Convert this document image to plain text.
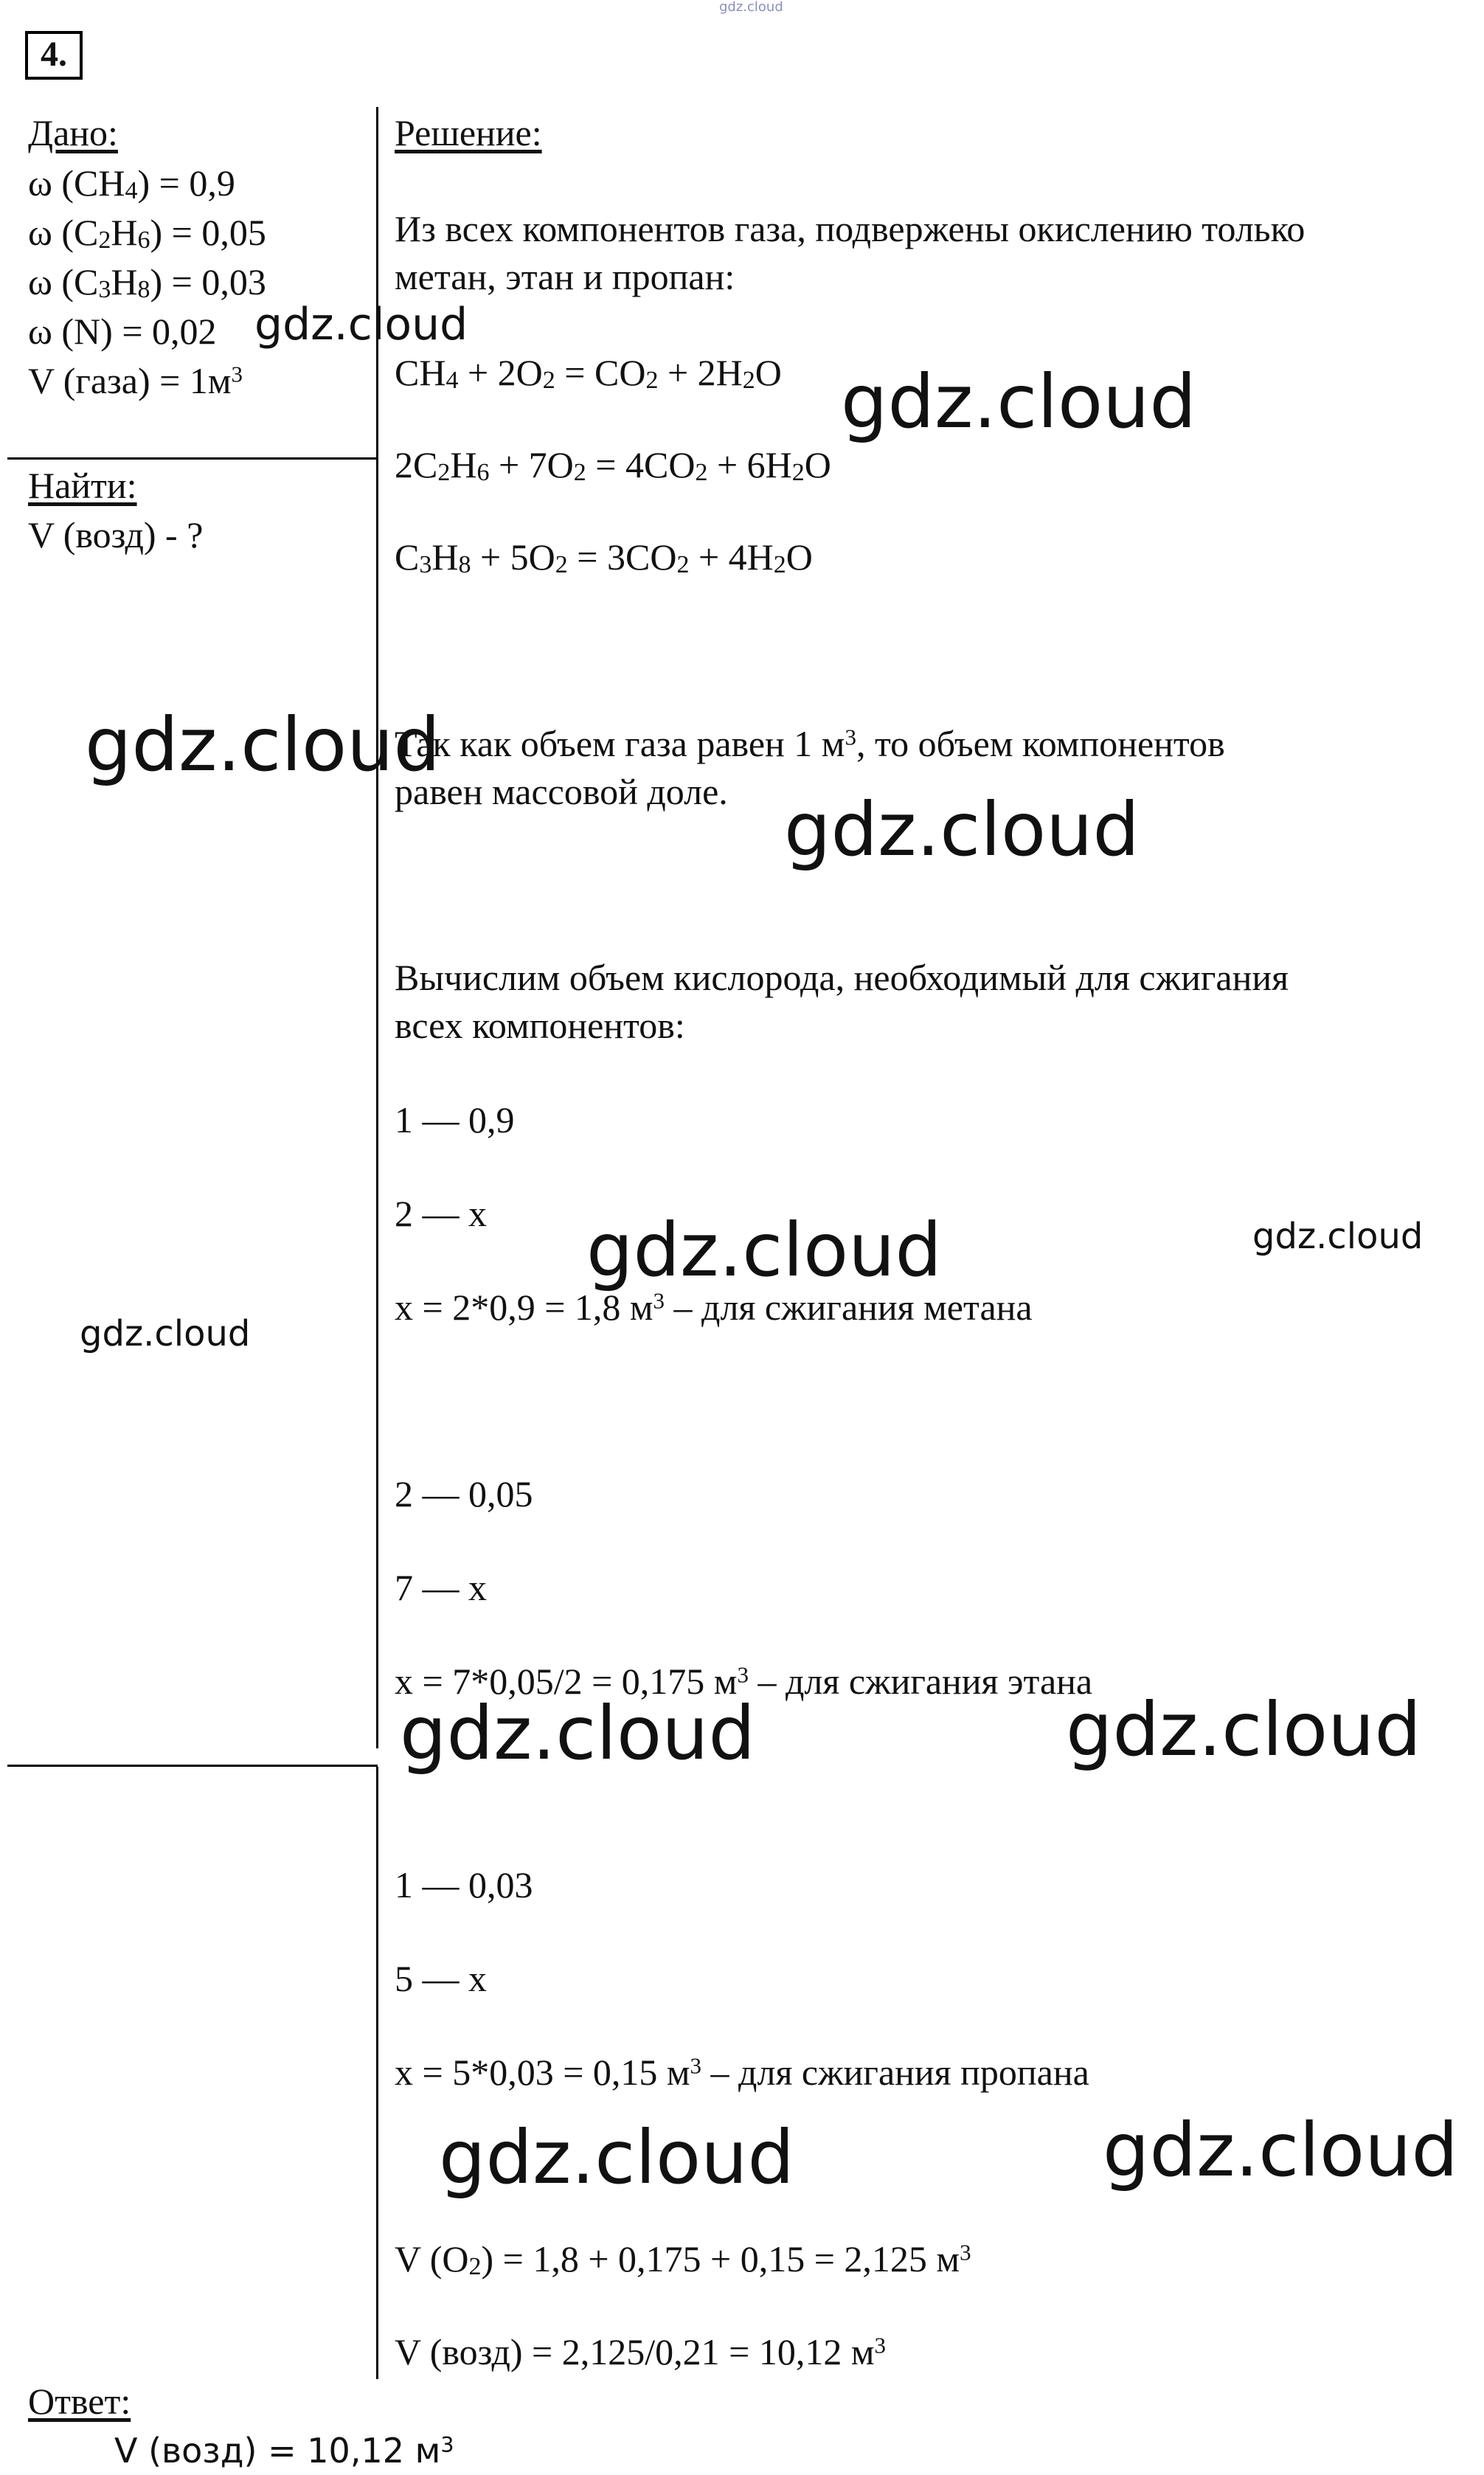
gdz.cloud
4.
Дано:
ω $(CH_4) = 0,9$
ω $(C_2H_6) = 0,05$
ω $(C_3H_8) = 0,03$
ω (N) = 0,02
V (газа) = $1м^3$
Найти:
V (возд) - ?
Решение:
Из всех компонентов газа, подвержены окислению только
метан, этан и пропан:
$CH_4 + 2O_2 = CO_2 + 2H_2O$
$2C_2H_6 + 7O_2 = 4CO_2 + 6H_2O$
$C_3H_8 + 5O_2 = 3CO_2 + 4H_2O$
Так как объем газа равен 1 $м^3$, то объем компонентов
равен массовой доле.
Вычислим объем кислорода, необходимый для сжигания
всех компонентов:
1 — 0,9
2 — x
x = 2*0,9 = 1,8 $м^3$ – для сжигания метана
2 — 0,05
7 — x
x = 7*0,05/2 = 0,175 $м^3$ – для сжигания этана
1 — 0,03
5 — x
x = 5*0,03 = 0,15 $м^3$ – для сжигания пропана
V $(O_2) = 1,8 + 0,175 + 0,15 = 2,125$ $м^3$
V (возд) = 2,125/0,21 = 10,12 $м^3$
Ответ:
V (возд) = 10,12 $м^3$
gdz.cloud
gdz.cloud
gdz.cloud
gdz.cloud
gdz.cloud	gdz.cloud
gdz.cloud
gdz.cloud	gdz.cloud
gdz.cloud	gdz.cloud
